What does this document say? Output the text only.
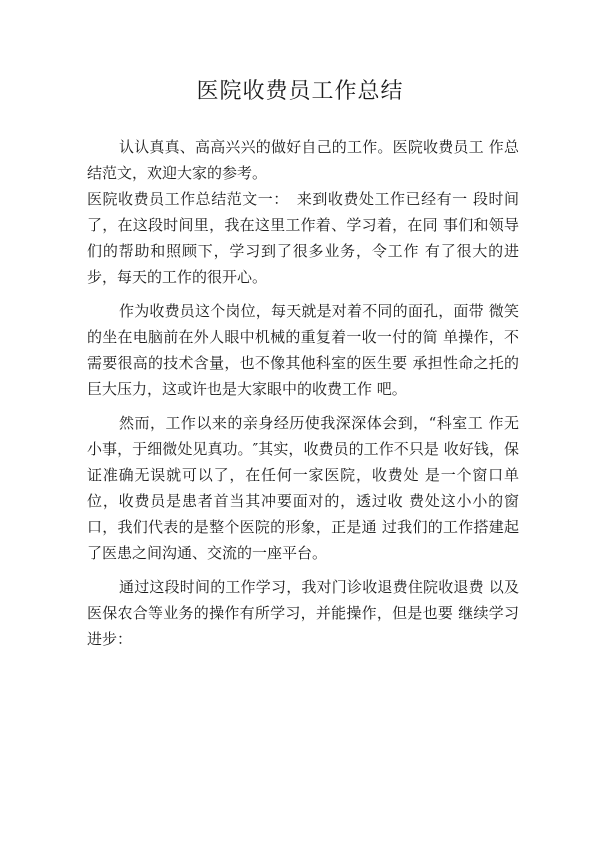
医院收费员工作总结

认认真真、高高兴兴的做好自己的工作。医院收费员工 作总结范文，欢迎大家的参考。

医院收费员工作总结范文一：　来到收费处工作已经有一 段时间了，在这段时间里，我在这里工作着、学习着，在同 事们和领导们的帮助和照顾下，学习到了很多业务，令工作 有了很大的进步，每天的工作的很开心。

作为收费员这个岗位，每天就是对着不同的面孔，面带 微笑的坐在电脑前在外人眼中机械的重复着一收一付的简 单操作，不需要很高的技术含量，也不像其他科室的医生要 承担性命之托的巨大压力，这或许也是大家眼中的收费工作 吧。

然而，工作以来的亲身经历使我深深体会到，“科室工 作无小事，于细微处见真功。″其实，收费员的工作不只是 收好钱，保证准确无误就可以了，在任何一家医院，收费处 是一个窗口单位，收费员是患者首当其冲要面对的，透过收 费处这小小的窗口，我们代表的是整个医院的形象，正是通 过我们的工作搭建起了医患之间沟通、交流的一座平台。

通过这段时间的工作学习，我对门诊收退费住院收退费 以及医保农合等业务的操作有所学习，并能操作，但是也要 继续学习进步：
